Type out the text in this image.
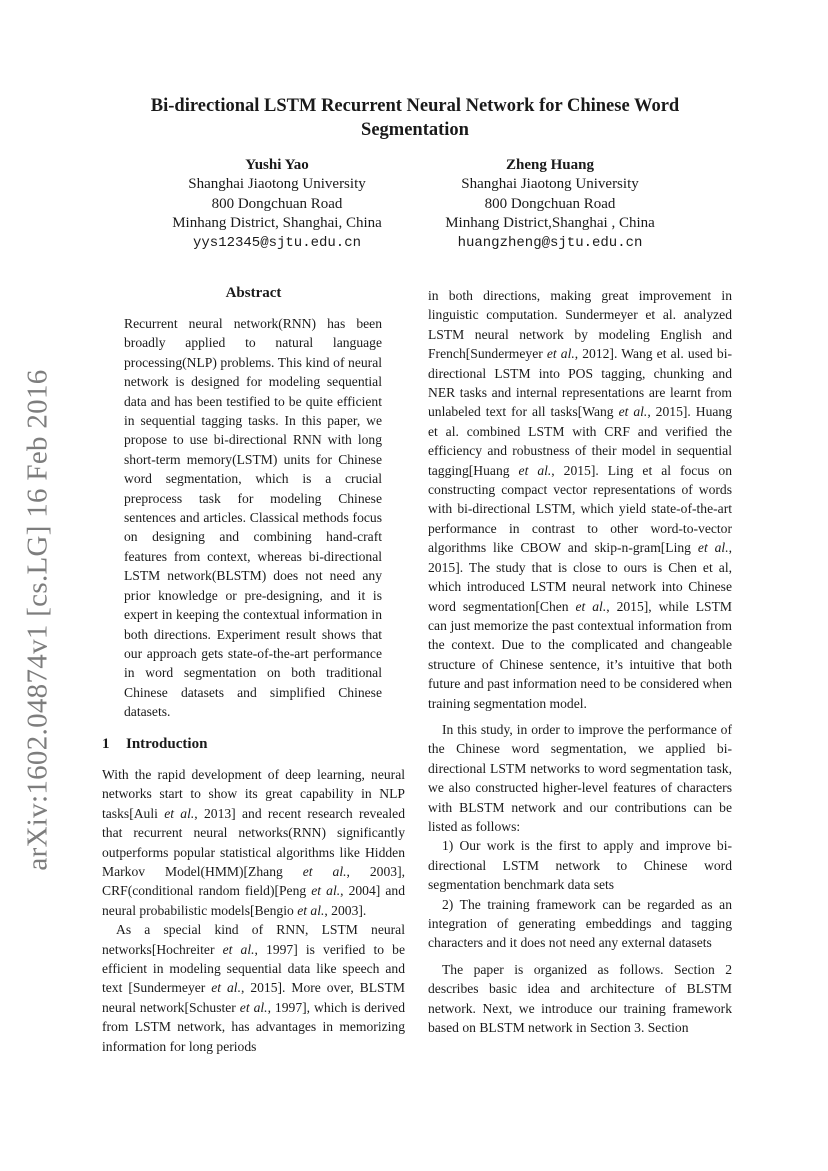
arXiv:1602.04874v1 [cs.LG] 16 Feb 2016
Bi-directional LSTM Recurrent Neural Network for Chinese Word
Segmentation
Yushi Yao
Shanghai Jiaotong University
800 Dongchuan Road
Minhang District, Shanghai, China
yys12345@sjtu.edu.cn
Zheng Huang
Shanghai Jiaotong University
800 Dongchuan Road
Minhang District,Shanghai , China
huangzheng@sjtu.edu.cn
Abstract
Recurrent neural network(RNN) has been broadly applied to natural language processing(NLP) problems. This kind of neural network is designed for modeling sequential data and has been testified to be quite efficient in sequential tagging tasks. In this paper, we propose to use bi-directional RNN with long short-term memory(LSTM) units for Chinese word segmentation, which is a crucial preprocess task for modeling Chinese sentences and articles. Classical methods focus on designing and combining hand-craft features from context, whereas bi-directional LSTM network(BLSTM) does not need any prior knowledge or pre-designing, and it is expert in keeping the contextual information in both directions. Experiment result shows that our approach gets state-of-the-art performance in word segmentation on both traditional Chinese datasets and simplified Chinese datasets.
1 Introduction

With the rapid development of deep learning, neural networks start to show its great capability in NLP tasks[Auli et al., 2013] and recent research revealed that recurrent neural networks(RNN) significantly outperforms popular statistical algorithms like Hidden Markov Model(HMM)[Zhang et al., 2003], CRF(conditional random field)[Peng et al., 2004] and neural probabilistic models[Bengio et al., 2003].

As a special kind of RNN, LSTM neural networks[Hochreiter et al., 1997] is verified to be efficient in modeling sequential data like speech and text [Sundermeyer et al., 2015]. More over, BLSTM neural network[Schuster et al., 1997], which is derived from LSTM network, has advantages in memorizing information for long periods

in both directions, making great improvement in linguistic computation. Sundermeyer et al. analyzed LSTM neural network by modeling English and French[Sundermeyer et al., 2012]. Wang et al. used bi-directional LSTM into POS tagging, chunking and NER tasks and internal representations are learnt from unlabeled text for all tasks[Wang et al., 2015]. Huang et al. combined LSTM with CRF and verified the efficiency and robustness of their model in sequential tagging[Huang et al., 2015]. Ling et al focus on constructing compact vector representations of words with bi-directional LSTM, which yield state-of-the-art performance in contrast to other word-to-vector algorithms like CBOW and skip-n-gram[Ling et al., 2015]. The study that is close to ours is Chen et al, which introduced LSTM neural network into Chinese word segmentation[Chen et al., 2015], while LSTM can just memorize the past contextual information from the context. Due to the complicated and changeable structure of Chinese sentence, it’s intuitive that both future and past information need to be considered when training segmentation model.

In this study, in order to improve the performance of the Chinese word segmentation, we applied bi-directional LSTM networks to word segmentation task, we also constructed higher-level features of characters with BLSTM network and our contributions can be listed as follows:

1) Our work is the first to apply and improve bi-directional LSTM network to Chinese word segmentation benchmark data sets

2) The training framework can be regarded as an integration of generating embeddings and tagging characters and it does not need any external datasets

The paper is organized as follows. Section 2 describes basic idea and architecture of BLSTM network. Next, we introduce our training framework based on BLSTM network in Section 3. Section
